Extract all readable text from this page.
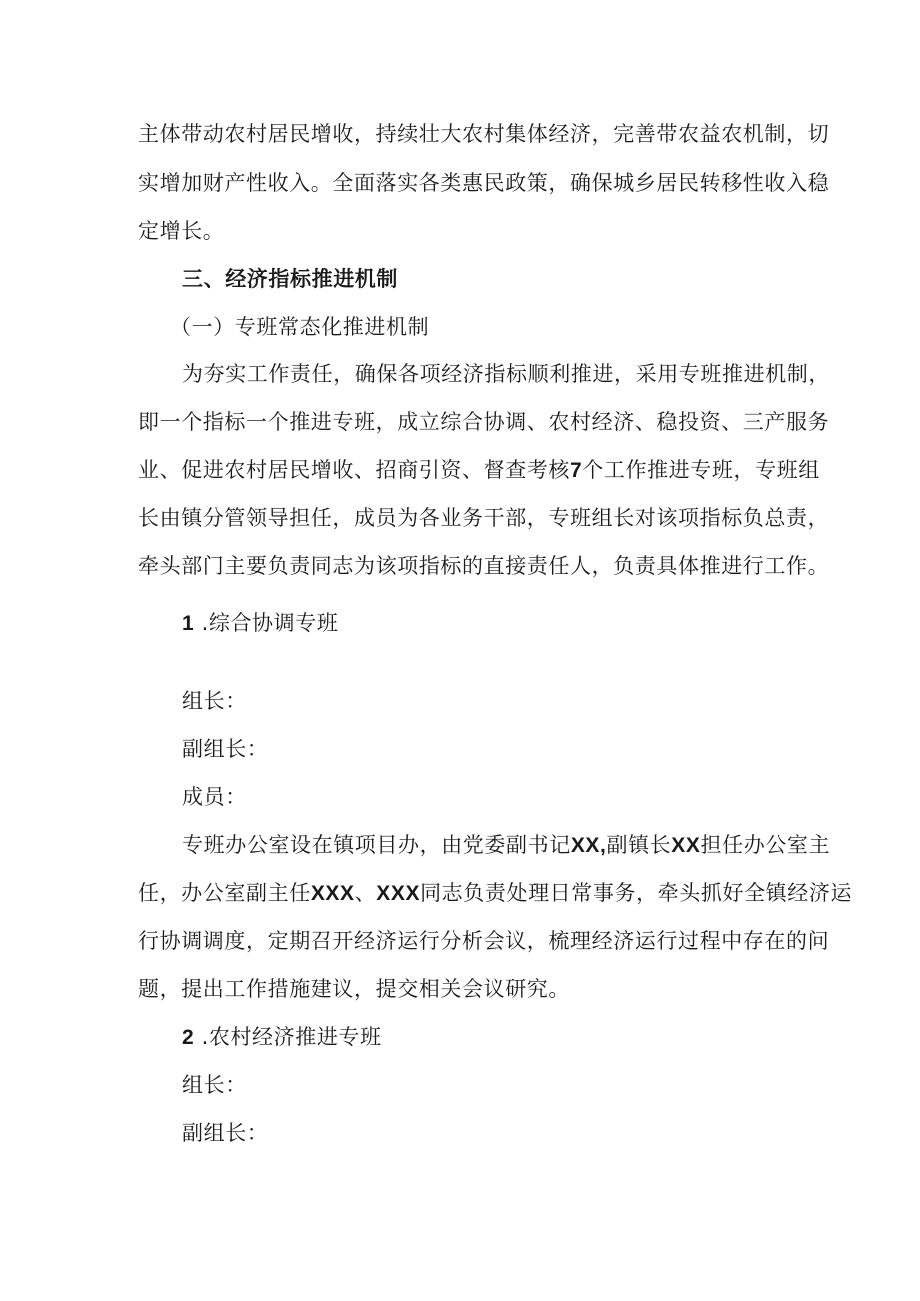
主体带动农村居民增收，持续壮大农村集体经济，完善带农益农机制，切
实增加财产性收入。全面落实各类惠民政策，确保城乡居民转移性收入稳
定增长。
三、经济指标推进机制
（一）专班常态化推进机制
为夯实工作责任，确保各项经济指标顺利推进，采用专班推进机制，
即一个指标一个推进专班，成立综合协调、农村经济、稳投资、三产服务
业、促进农村居民增收、招商引资、督查考核7个工作推进专班，专班组
长由镇分管领导担任，成员为各业务干部，专班组长对该项指标负总责，
牵头部门主要负责同志为该项指标的直接责任人，负责具体推进行工作。
1 .综合协调专班
组长：
副组长：
成员：
专班办公室设在镇项目办，由党委副书记XX,副镇长XX担任办公室主
任，办公室副主任XXX、XXX同志负责处理日常事务，牵头抓好全镇经济运
行协调调度，定期召开经济运行分析会议，梳理经济运行过程中存在的问
题，提出工作措施建议，提交相关会议研究。
2 .农村经济推进专班
组长：
副组长：
